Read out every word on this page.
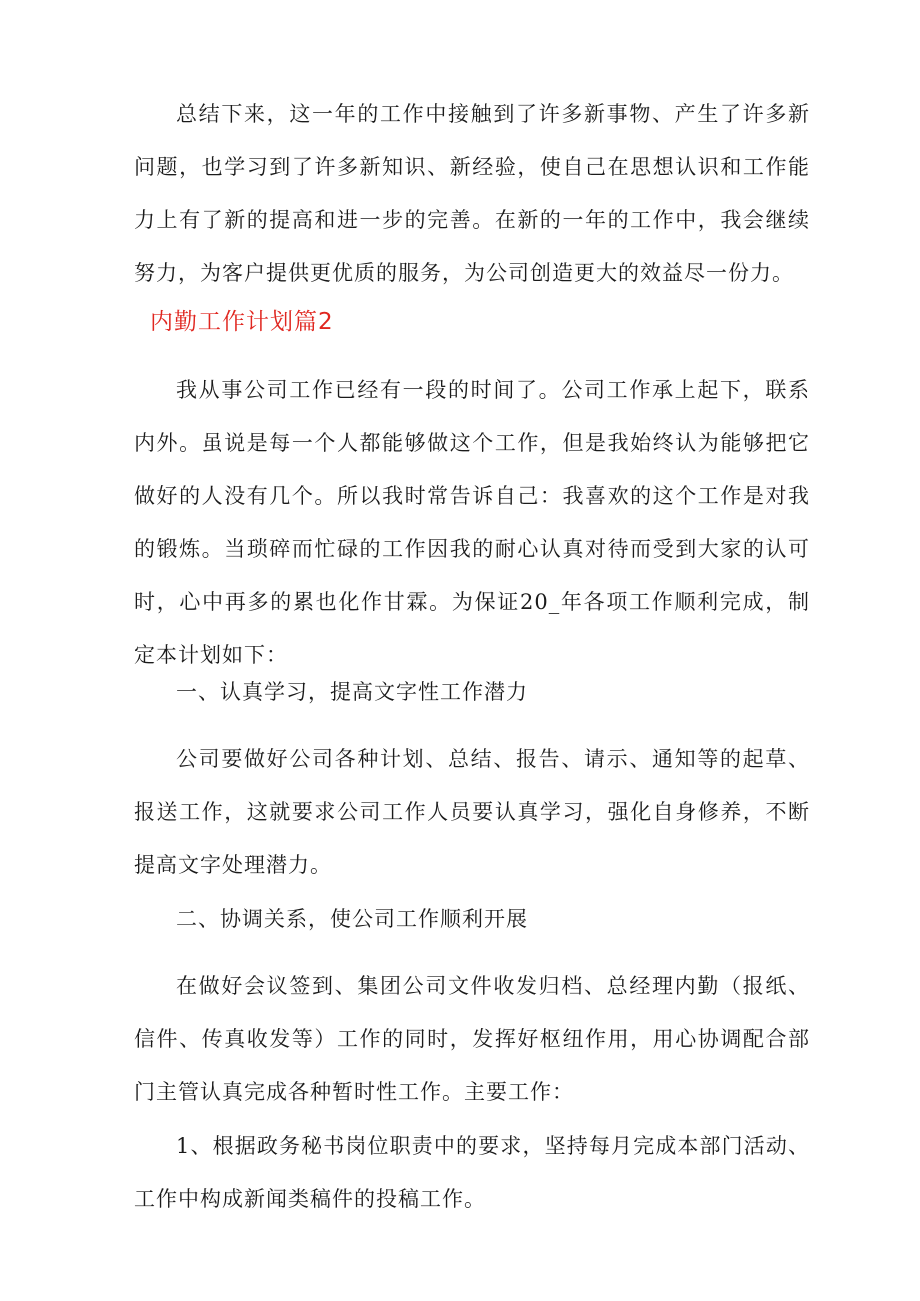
总结下来，这一年的工作中接触到了许多新事物、产生了许多新问题，也学习到了许多新知识、新经验，使自己在思想认识和工作能力上有了新的提高和进一步的完善。在新的一年的工作中，我会继续努力，为客户提供更优质的服务，为公司创造更大的效益尽一份力。

内勤工作计划篇2

我从事公司工作已经有一段的时间了。公司工作承上起下，联系内外。虽说是每一个人都能够做这个工作，但是我始终认为能够把它做好的人没有几个。所以我时常告诉自己：我喜欢的这个工作是对我的锻炼。当琐碎而忙碌的工作因我的耐心认真对待而受到大家的认可时，心中再多的累也化作甘霖。为保证20_年各项工作顺利完成，制定本计划如下：

一、认真学习，提高文字性工作潜力

公司要做好公司各种计划、总结、报告、请示、通知等的起草、报送工作，这就要求公司工作人员要认真学习，强化自身修养，不断提高文字处理潜力。

二、协调关系，使公司工作顺利开展

在做好会议签到、集团公司文件收发归档、总经理内勤（报纸、信件、传真收发等）工作的同时，发挥好枢纽作用，用心协调配合部门主管认真完成各种暂时性工作。主要工作：

1、根据政务秘书岗位职责中的要求，坚持每月完成本部门活动、工作中构成新闻类稿件的投稿工作。
